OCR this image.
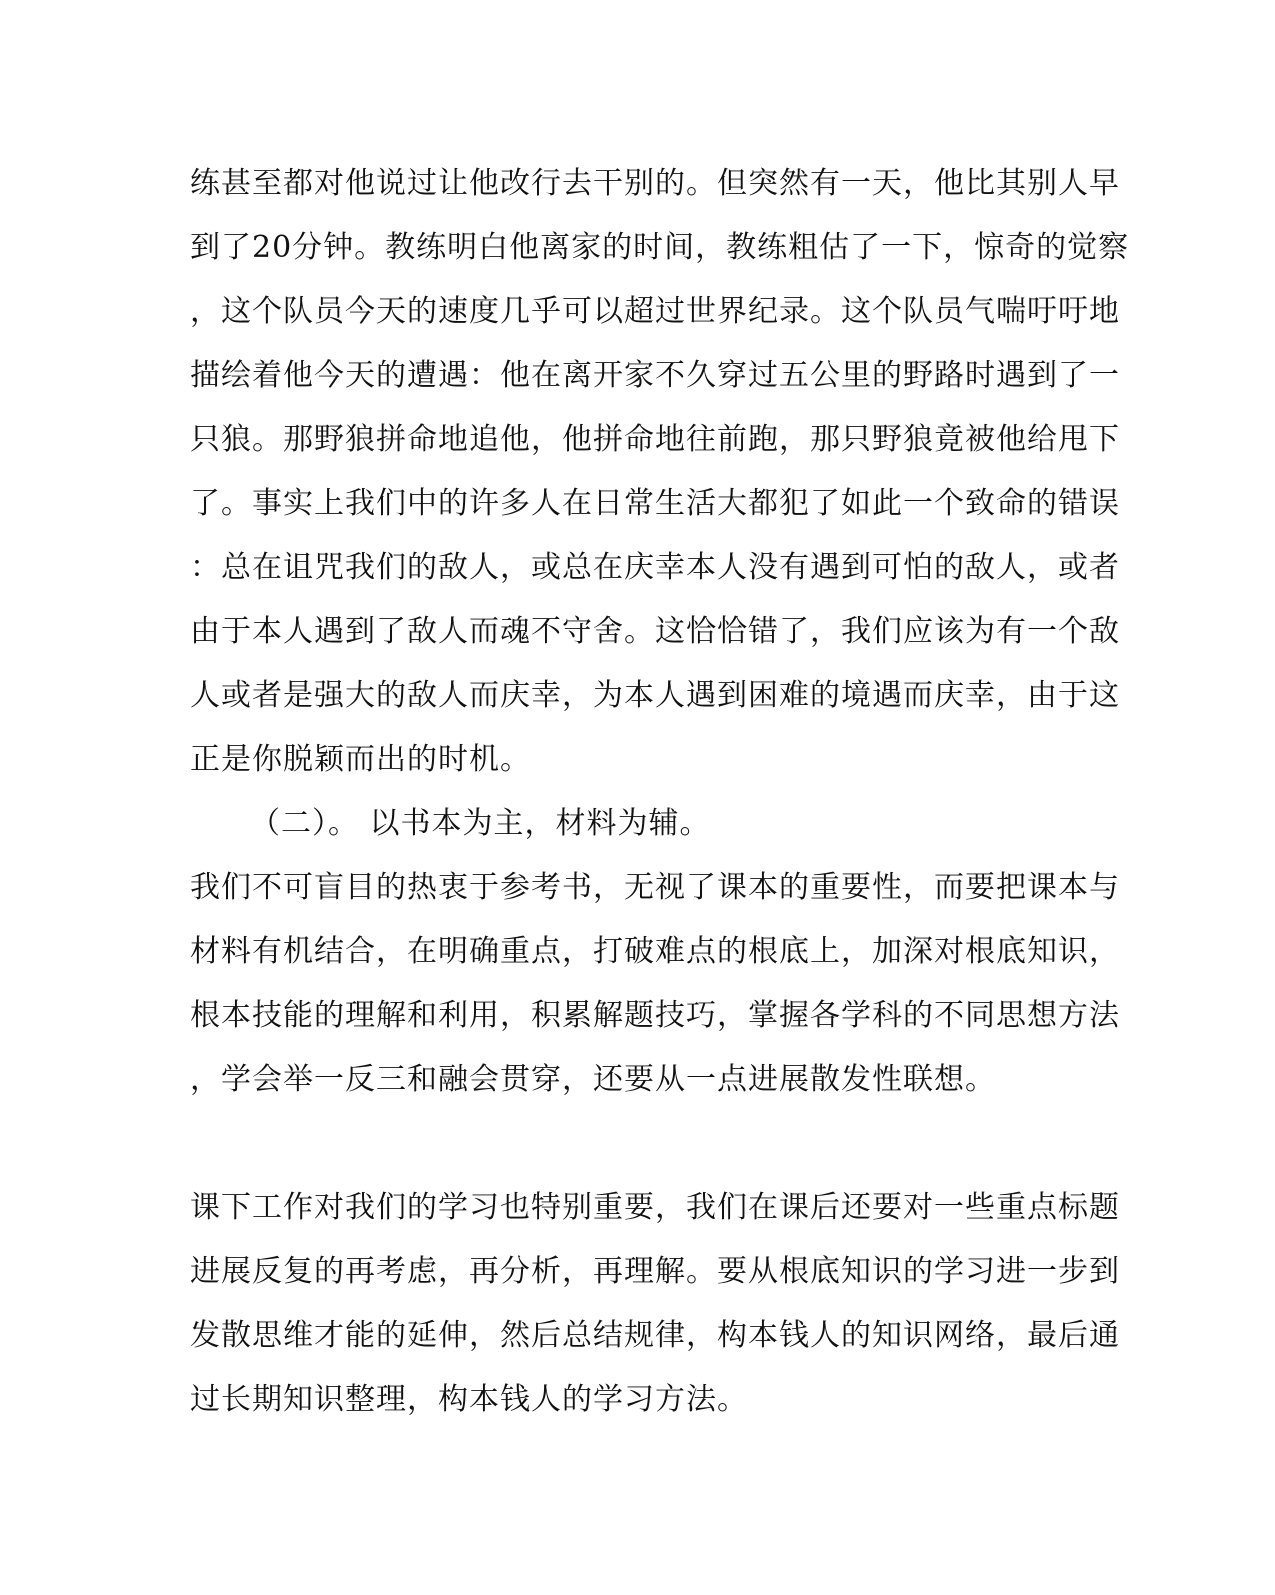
练甚至都对他说过让他改行去干别的。但突然有一天，他比其别人早
到了20分钟。教练明白他离家的时间，教练粗估了一下，惊奇的觉察
，这个队员今天的速度几乎可以超过世界纪录。这个队员气喘吁吁地
描绘着他今天的遭遇：他在离开家不久穿过五公里的野路时遇到了一
只狼。那野狼拼命地追他，他拼命地往前跑，那只野狼竟被他给甩下
了。事实上我们中的许多人在日常生活大都犯了如此一个致命的错误
：总在诅咒我们的敌人，或总在庆幸本人没有遇到可怕的敌人，或者
由于本人遇到了敌人而魂不守舍。这恰恰错了，我们应该为有一个敌
人或者是强大的敌人而庆幸，为本人遇到困难的境遇而庆幸，由于这
正是你脱颖而出的时机。
（二）。 以书本为主，材料为辅。
我们不可盲目的热衷于参考书，无视了课本的重要性，而要把课本与
材料有机结合，在明确重点，打破难点的根底上，加深对根底知识，
根本技能的理解和利用，积累解题技巧，掌握各学科的不同思想方法
，学会举一反三和融会贯穿，还要从一点进展散发性联想。
课下工作对我们的学习也特别重要，我们在课后还要对一些重点标题
进展反复的再考虑，再分析，再理解。要从根底知识的学习进一步到
发散思维才能的延伸，然后总结规律，构本钱人的知识网络，最后通
过长期知识整理，构本钱人的学习方法。
